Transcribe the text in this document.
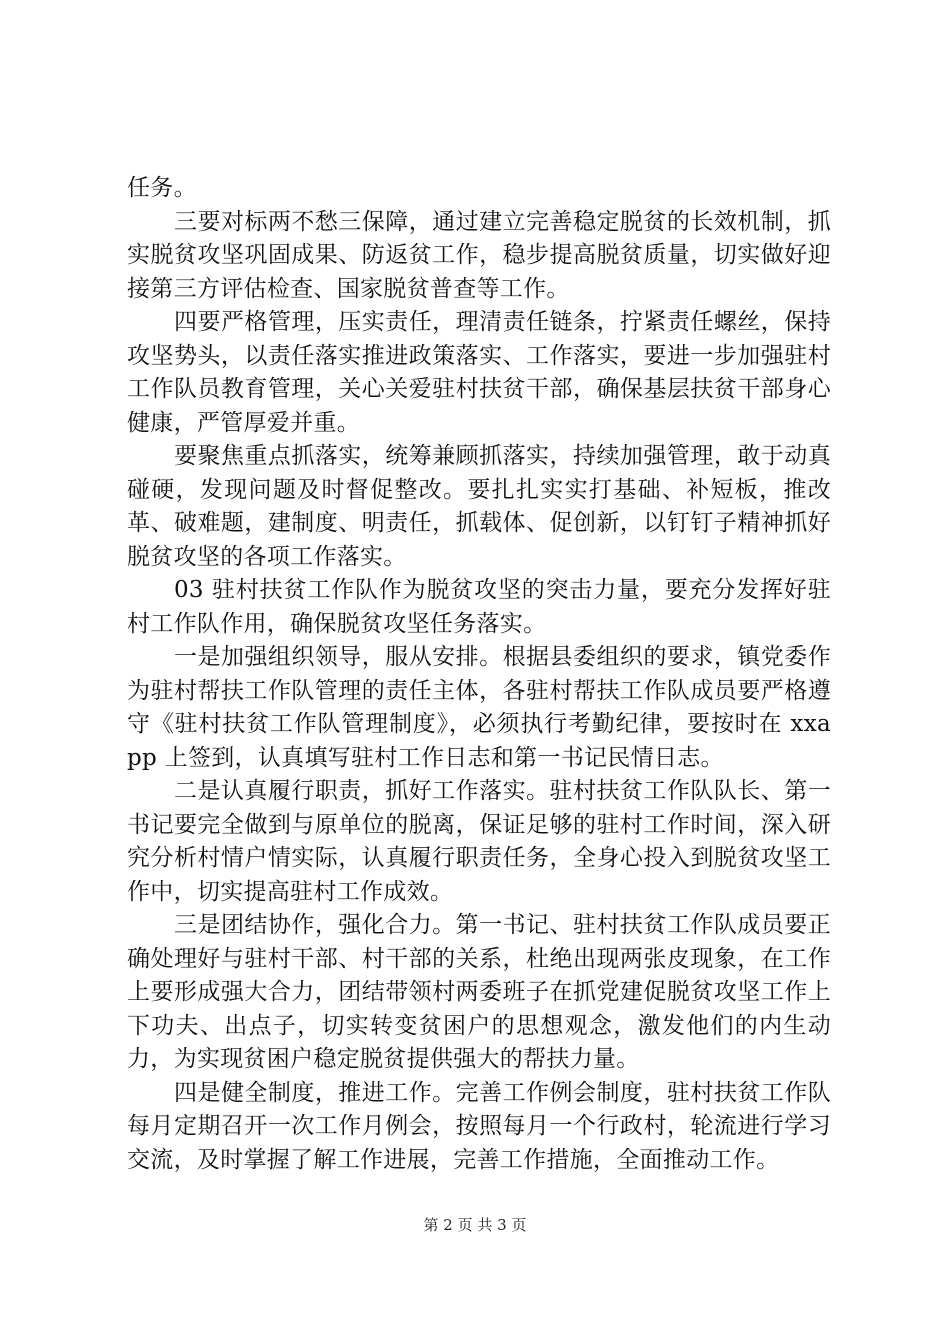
任务。

三要对标两不愁三保障，通过建立完善稳定脱贫的长效机制，抓实脱贫攻坚巩固成果、防返贫工作，稳步提高脱贫质量，切实做好迎接第三方评估检查、国家脱贫普查等工作。

四要严格管理，压实责任，理清责任链条，拧紧责任螺丝，保持攻坚势头，以责任落实推进政策落实、工作落实，要进一步加强驻村工作队员教育管理，关心关爱驻村扶贫干部，确保基层扶贫干部身心健康，严管厚爱并重。

要聚焦重点抓落实，统筹兼顾抓落实，持续加强管理，敢于动真碰硬，发现问题及时督促整改。要扎扎实实打基础、补短板，推改革、破难题，建制度、明责任，抓载体、促创新，以钉钉子精神抓好脱贫攻坚的各项工作落实。

03 驻村扶贫工作队作为脱贫攻坚的突击力量，要充分发挥好驻村工作队作用，确保脱贫攻坚任务落实。

一是加强组织领导，服从安排。根据县委组织的要求，镇党委作为驻村帮扶工作队管理的责任主体，各驻村帮扶工作队成员要严格遵守《驻村扶贫工作队管理制度》，必须执行考勤纪律，要按时在 xxapp 上签到，认真填写驻村工作日志和第一书记民情日志。

二是认真履行职责，抓好工作落实。驻村扶贫工作队队长、第一书记要完全做到与原单位的脱离，保证足够的驻村工作时间，深入研究分析村情户情实际，认真履行职责任务，全身心投入到脱贫攻坚工作中，切实提高驻村工作成效。

三是团结协作，强化合力。第一书记、驻村扶贫工作队成员要正确处理好与驻村干部、村干部的关系，杜绝出现两张皮现象，在工作上要形成强大合力，团结带领村两委班子在抓党建促脱贫攻坚工作上下功夫、出点子，切实转变贫困户的思想观念，激发他们的内生动力，为实现贫困户稳定脱贫提供强大的帮扶力量。

四是健全制度，推进工作。完善工作例会制度，驻村扶贫工作队每月定期召开一次工作月例会，按照每月一个行政村，轮流进行学习交流，及时掌握了解工作进展，完善工作措施，全面推动工作。

第 2 页 共 3 页
